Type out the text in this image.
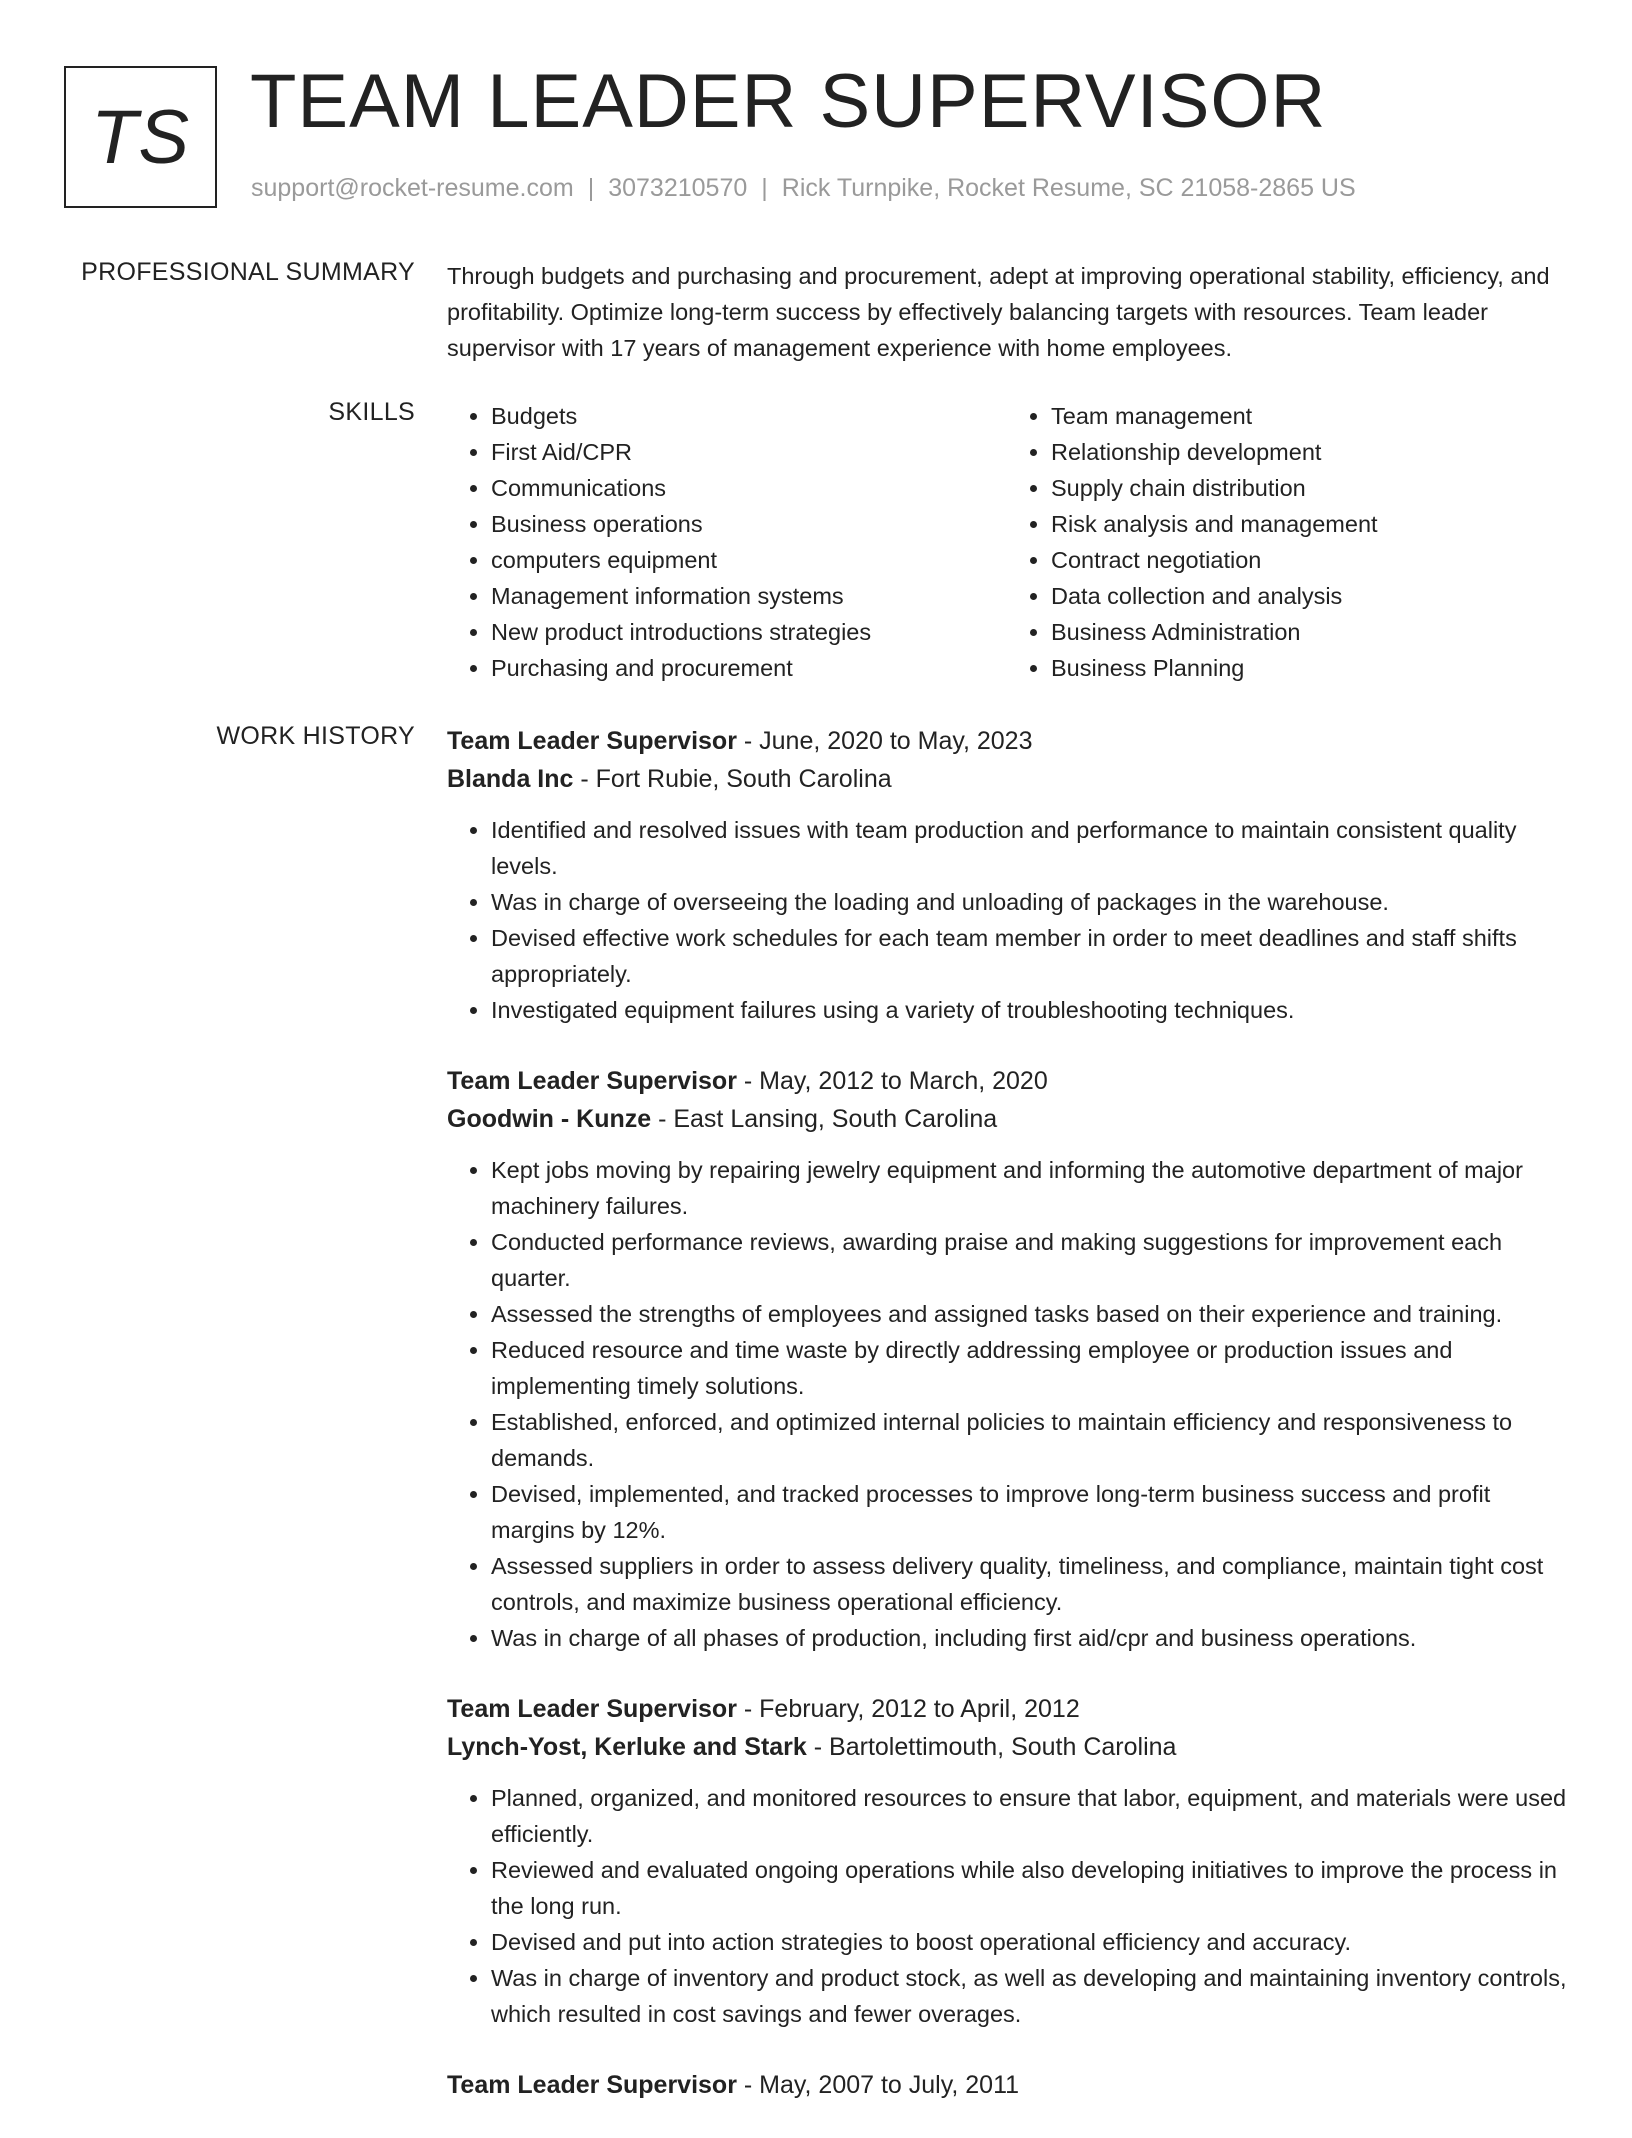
TS TEAM LEADER SUPERVISOR
support@rocket-resume.com | 3073210570 | Rick Turnpike, Rocket Resume, SC 21058-2865 US
PROFESSIONAL SUMMARY Through budgets and purchasing and procurement, adept at improving operational stability, efficiency, and profitability. Optimize long-term success by effectively balancing targets with resources. Team leader supervisor with 17 years of management experience with home employees.
SKILLS
•	Budgets
• First Aid/CPR
• Communications
• Business operations
• computers equipment
• Management information systems
• New product introductions strategies
• Purchasing and procurement
• Team management
• Relationship development
• Supply chain distribution
• Risk analysis and management
• Contract negotiation
• Data collection and analysis
• Business Administration
• Business Planning
WORK HISTORY Team Leader Supervisor - June, 2020 to May, 2023
Blanda Inc - Fort Rubie, South Carolina
• Identified and resolved issues with team production and performance to maintain consistent quality levels.
• Was in charge of overseeing the loading and unloading of packages in the warehouse.
• Devised effective work schedules for each team member in order to meet deadlines and staff shifts appropriately.
• Investigated equipment failures using a variety of troubleshooting techniques.
Team Leader Supervisor - May, 2012 to March, 2020
Goodwin - Kunze - East Lansing, South Carolina
• Kept jobs moving by repairing jewelry equipment and informing the automotive department of major machinery failures.
• Conducted performance reviews, awarding praise and making suggestions for improvement each quarter.
• Assessed the strengths of employees and assigned tasks based on their experience and training.
• Reduced resource and time waste by directly addressing employee or production issues and implementing timely solutions.
• Established, enforced, and optimized internal policies to maintain efficiency and responsiveness to demands.
• Devised, implemented, and tracked processes to improve long-term business success and profit margins by 12%.
• Assessed suppliers in order to assess delivery quality, timeliness, and compliance, maintain tight cost controls, and maximize business operational efficiency.
• Was in charge of all phases of production, including first aid/cpr and business operations.
Team Leader Supervisor - February, 2012 to April, 2012
Lynch-Yost, Kerluke and Stark - Bartolettimouth, South Carolina
• Planned, organized, and monitored resources to ensure that labor, equipment, and materials were used efficiently.
• Reviewed and evaluated ongoing operations while also developing initiatives to improve the process in the long run.
• Devised and put into action strategies to boost operational efficiency and accuracy.
• Was in charge of inventory and product stock, as well as developing and maintaining inventory controls, which resulted in cost savings and fewer overages.
Team Leader Supervisor - May, 2007 to July, 2011
